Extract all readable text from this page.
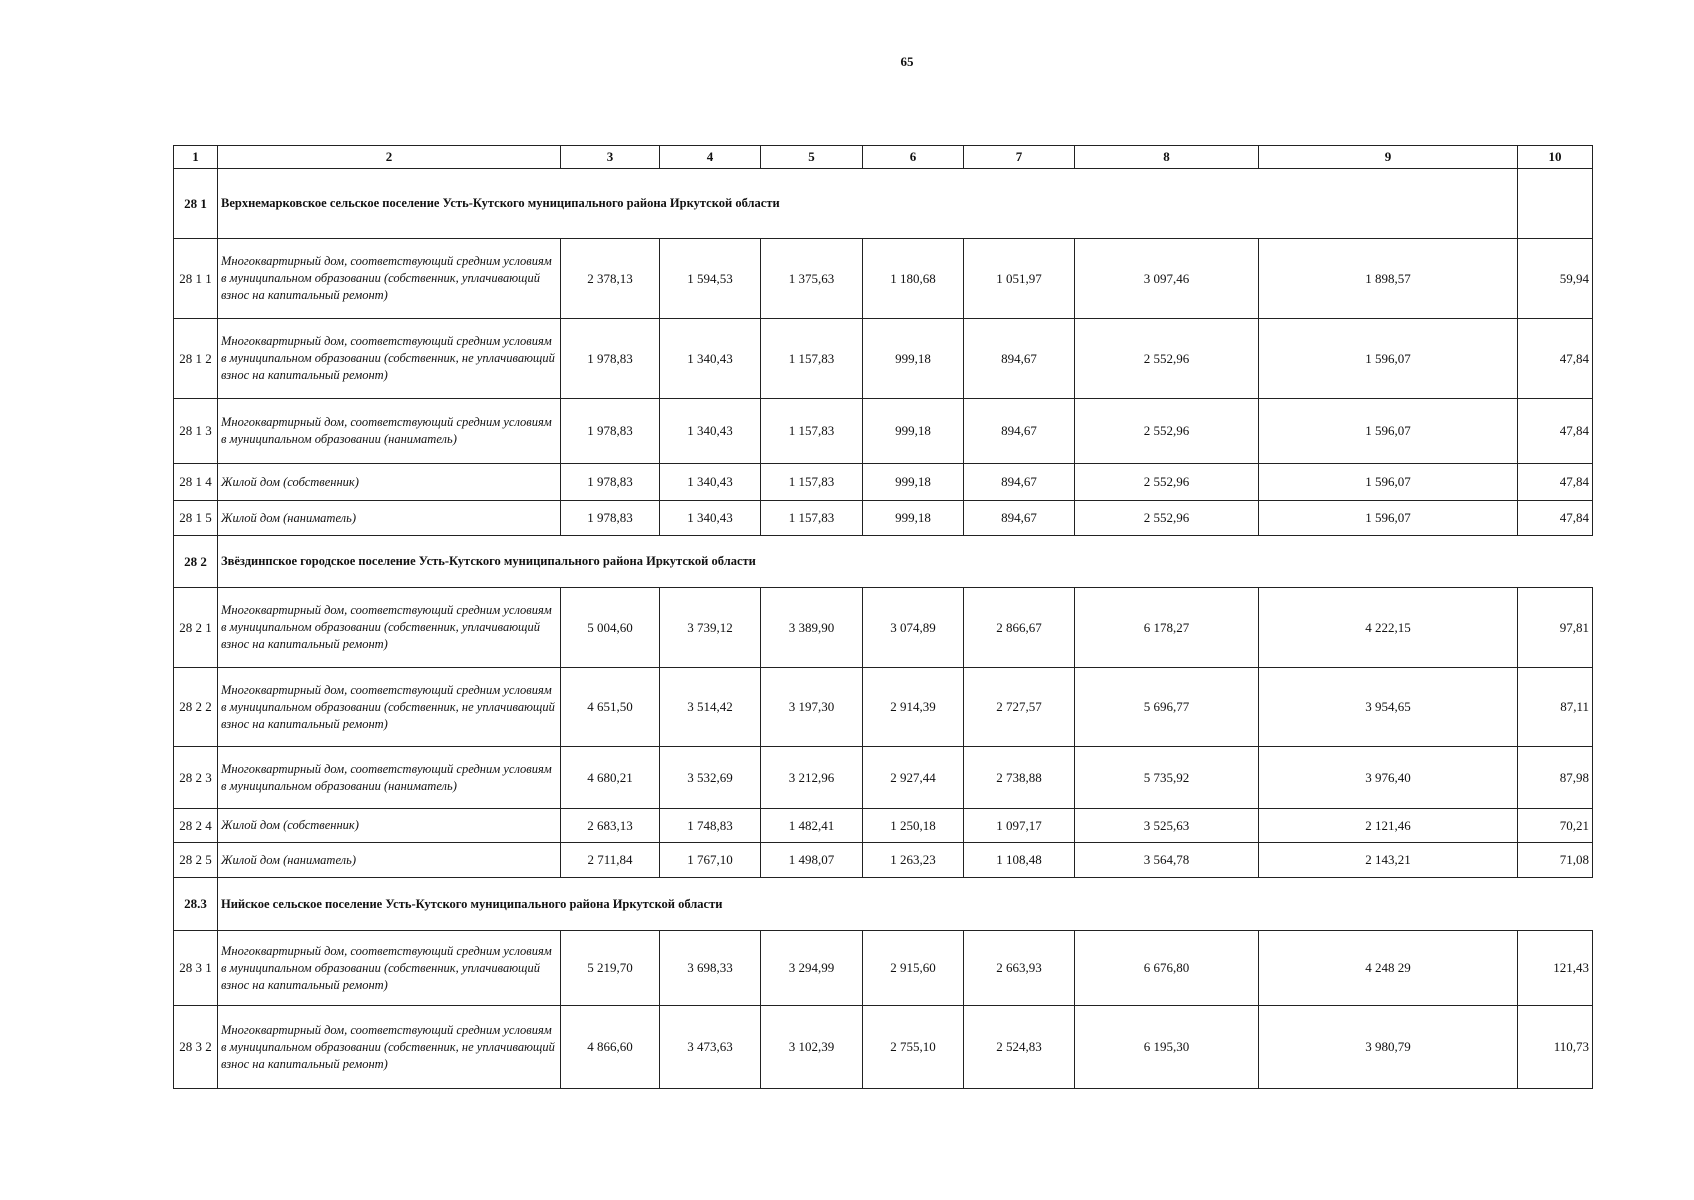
65
1	2	3	4	5	6	7	8	9	10
28 1	Верхнемарковское сельское поселение Усть-Кутского муниципального района Иркутской области								
28 1 1	Многоквартирный дом, соответствующий средним условиям в муниципальном образовании (собственник, уплачивающий взнос на капитальный ремонт)	2 378,13	1 594,53	1 375,63	1 180,68	1 051,97	3 097,46	1 898,57	59,94
28 1 2	Многоквартирный дом, соответствующий средним условиям в муниципальном образовании (собственник, не уплачивающий взнос на капитальный ремонт)	1 978,83	1 340,43	1 157,83	999,18	894,67	2 552,96	1 596,07	47,84
28 1 3	Многоквартирный дом, соответствующий средним условиям в муниципальном образовании (наниматель)	1 978,83	1 340,43	1 157,83	999,18	894,67	2 552,96	1 596,07	47,84
28 1 4	Жилой дом (собственник)	1 978,83	1 340,43	1 157,83	999,18	894,67	2 552,96	1 596,07	47,84
28 1 5	Жилой дом (наниматель)	1 978,83	1 340,43	1 157,83	999,18	894,67	2 552,96	1 596,07	47,84
28 2	Звёздинпское городское поселение Усть-Кутского муниципального района Иркутской области								
28 2 1	Многоквартирный дом, соответствующий средним условиям в муниципальном образовании (собственник, уплачивающий взнос на капитальный ремонт)	5 004,60	3 739,12	3 389,90	3 074,89	2 866,67	6 178,27	4 222,15	97,81
28 2 2	Многоквартирный дом, соответствующий средним условиям в муниципальном образовании (собственник, не уплачивающий взнос на капитальный ремонт)	4 651,50	3 514,42	3 197,30	2 914,39	2 727,57	5 696,77	3 954,65	87,11
28 2 3	Многоквартирный дом, соответствующий средним условиям в муниципальном образовании (наниматель)	4 680,21	3 532,69	3 212,96	2 927,44	2 738,88	5 735,92	3 976,40	87,98
28 2 4	Жилой дом (собственник)	2 683,13	1 748,83	1 482,41	1 250,18	1 097,17	3 525,63	2 121,46	70,21
28 2 5	Жилой дом (наниматель)	2 711,84	1 767,10	1 498,07	1 263,23	1 108,48	3 564,78	2 143,21	71,08
28.3	Нийское сельское поселение Усть-Кутского муниципального района Иркутской области								
28 3 1	Многоквартирный дом, соответствующий средним условиям в муниципальном образовании (собственник, уплачивающий взнос на капитальный ремонт)	5 219,70	3 698,33	3 294,99	2 915,60	2 663,93	6 676,80	4 248 29	121,43
28 3 2	Многоквартирный дом, соответствующий средним условиям в муниципальном образовании (собственник, не уплачивающий взнос на капитальный ремонт)	4 866,60	3 473,63	3 102,39	2 755,10	2 524,83	6 195,30	3 980,79	110,73
